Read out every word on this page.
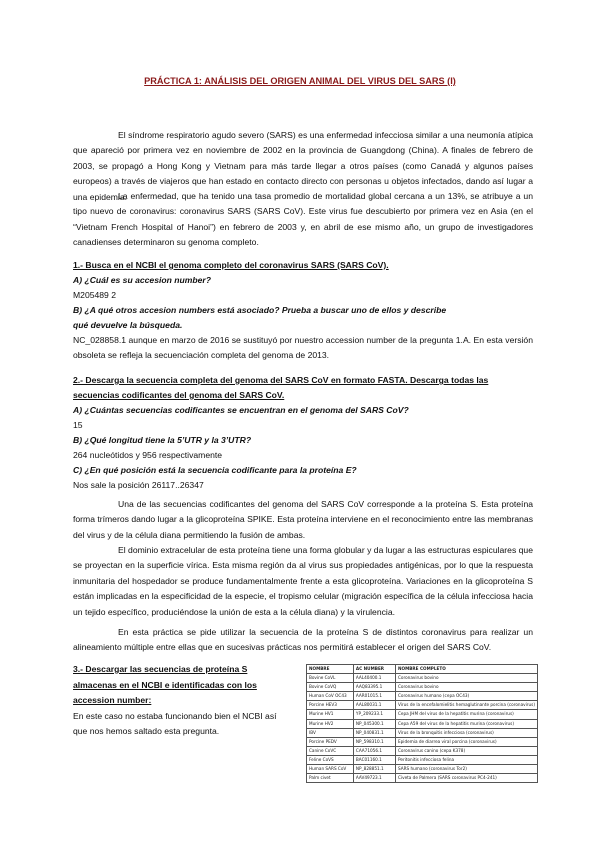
PRÁCTICA 1: ANÁLISIS DEL ORIGEN ANIMAL DEL VIRUS DEL SARS (I)

El síndrome respiratorio agudo severo (SARS) es una enfermedad infecciosa similar a una neumonía atípica que apareció por primera vez en noviembre de 2002 en la provincia de Guangdong (China). A finales de febrero de 2003, se propagó a Hong Kong y Vietnam para más tarde llegar a otros países (como Canadá y algunos países europeos) a través de viajeros que han estado en contacto directo con personas u objetos infectados, dando así lugar a una epidemia.

La enfermedad, que ha tenido una tasa promedio de mortalidad global cercana a un 13%, se atribuye a un tipo nuevo de coronavirus: coronavirus SARS (SARS CoV). Este virus fue descubierto por primera vez en Asia (en el “Vietnam French Hospital of Hanoi”) en febrero de 2003 y, en abril de ese mismo año, un grupo de investigadores canadienses determinaron su genoma completo.

1.- Busca en el NCBI el genoma completo del coronavirus SARS (SARS CoV).
A) ¿Cuál es su accesion number?
M205489 2
B) ¿A qué otros accesion numbers está asociado? Prueba a buscar uno de ellos y describe
qué devuelve la búsqueda.

NC_028858.1 aunque en marzo de 2016 se sustituyó por nuestro accession number de la pregunta 1.A. En esta versión obsoleta se refleja la secuenciación completa del genoma de 2013.

2.- Descarga la secuencia completa del genoma del SARS CoV en formato FASTA. Descarga todas las
secuencias codificantes del genoma del SARS CoV.
A) ¿Cuántas secuencias codificantes se encuentran en el genoma del SARS CoV?
15
B) ¿Qué longitud tiene la 5’UTR y la 3’UTR?
264 nucleótidos y 956 respectivamente
C) ¿En qué posición está la secuencia codificante para la proteína E?
Nos sale la posición 26117..26347

Una de las secuencias codificantes del genoma del SARS CoV corresponde a la proteína S. Esta proteína forma trímeros dando lugar a la glicoproteína SPIKE. Esta proteína interviene en el reconocimiento entre las membranas del virus y de la célula diana permitiendo la fusión de ambas.

El dominio extracelular de esta proteína tiene una forma globular y da lugar a las estructuras espiculares que se proyectan en la superficie vírica. Esta misma región da al virus sus propiedades antigénicas, por lo que la respuesta inmunitaria del hospedador se produce fundamentalmente frente a esta glicoproteína. Variaciones en la glicoproteína S están implicadas en la especificidad de la especie, el tropismo celular (migración específica de la célula infecciosa hacia un tejido específico, produciéndose la unión de esta a la célula diana) y la virulencia.

En esta práctica se pide utilizar la secuencia de la proteína S de distintos coronavirus para realizar un alineamiento múltiple entre ellas que en sucesivas prácticas nos permitirá establecer el origen del SARS CoV.

3.- Descargar las secuencias de proteína S almacenas en el NCBI e identificadas con los accession number:
En este caso no estaba funcionando bien el NCBI así que nos hemos saltado esta pregunta.
NOMBRE	AC NUMBER	NOMBRE COMPLETO
Bovine CoVL	AAL40400.1	Coronavirus bovino
Bovine CoVQ	AAQ83395.1	Coronavirus bovino
Human CoV OC43	AAR01015.1	Coronavirus humano (cepa OC43)
Porcine HEV3	AAL80031.1	Virus de la encefalomielitis hemaglutinante porcina (coronavirus)
Murine HV1	YP_209233.1	Cepa JHM del virus de la hepatitis murina (coronavirus)
Murine HV2	NP_045300.1	Cepa A59 del virus de la hepatitis murina (coronavirus)
IBV	NP_040831.1	Virus de la bronquitis infecciosa (coronavirus)
Porcine PEDV	NP_598310.1	Epidemia de diarrea viral porcina (coronavirus)
Canine CoVC	CAA71056.1	Coronavirus canino (cepa K378)
Feline CoVS	BAC01160.1	Peritonitis infecciosa felina
Human SARS CoV	NP_828851.1	SARS humano (coronavirus Tor2)
Palm civet	AAV49723.1	Civeta de Palmera (SARS coronavirus PC4-241)
